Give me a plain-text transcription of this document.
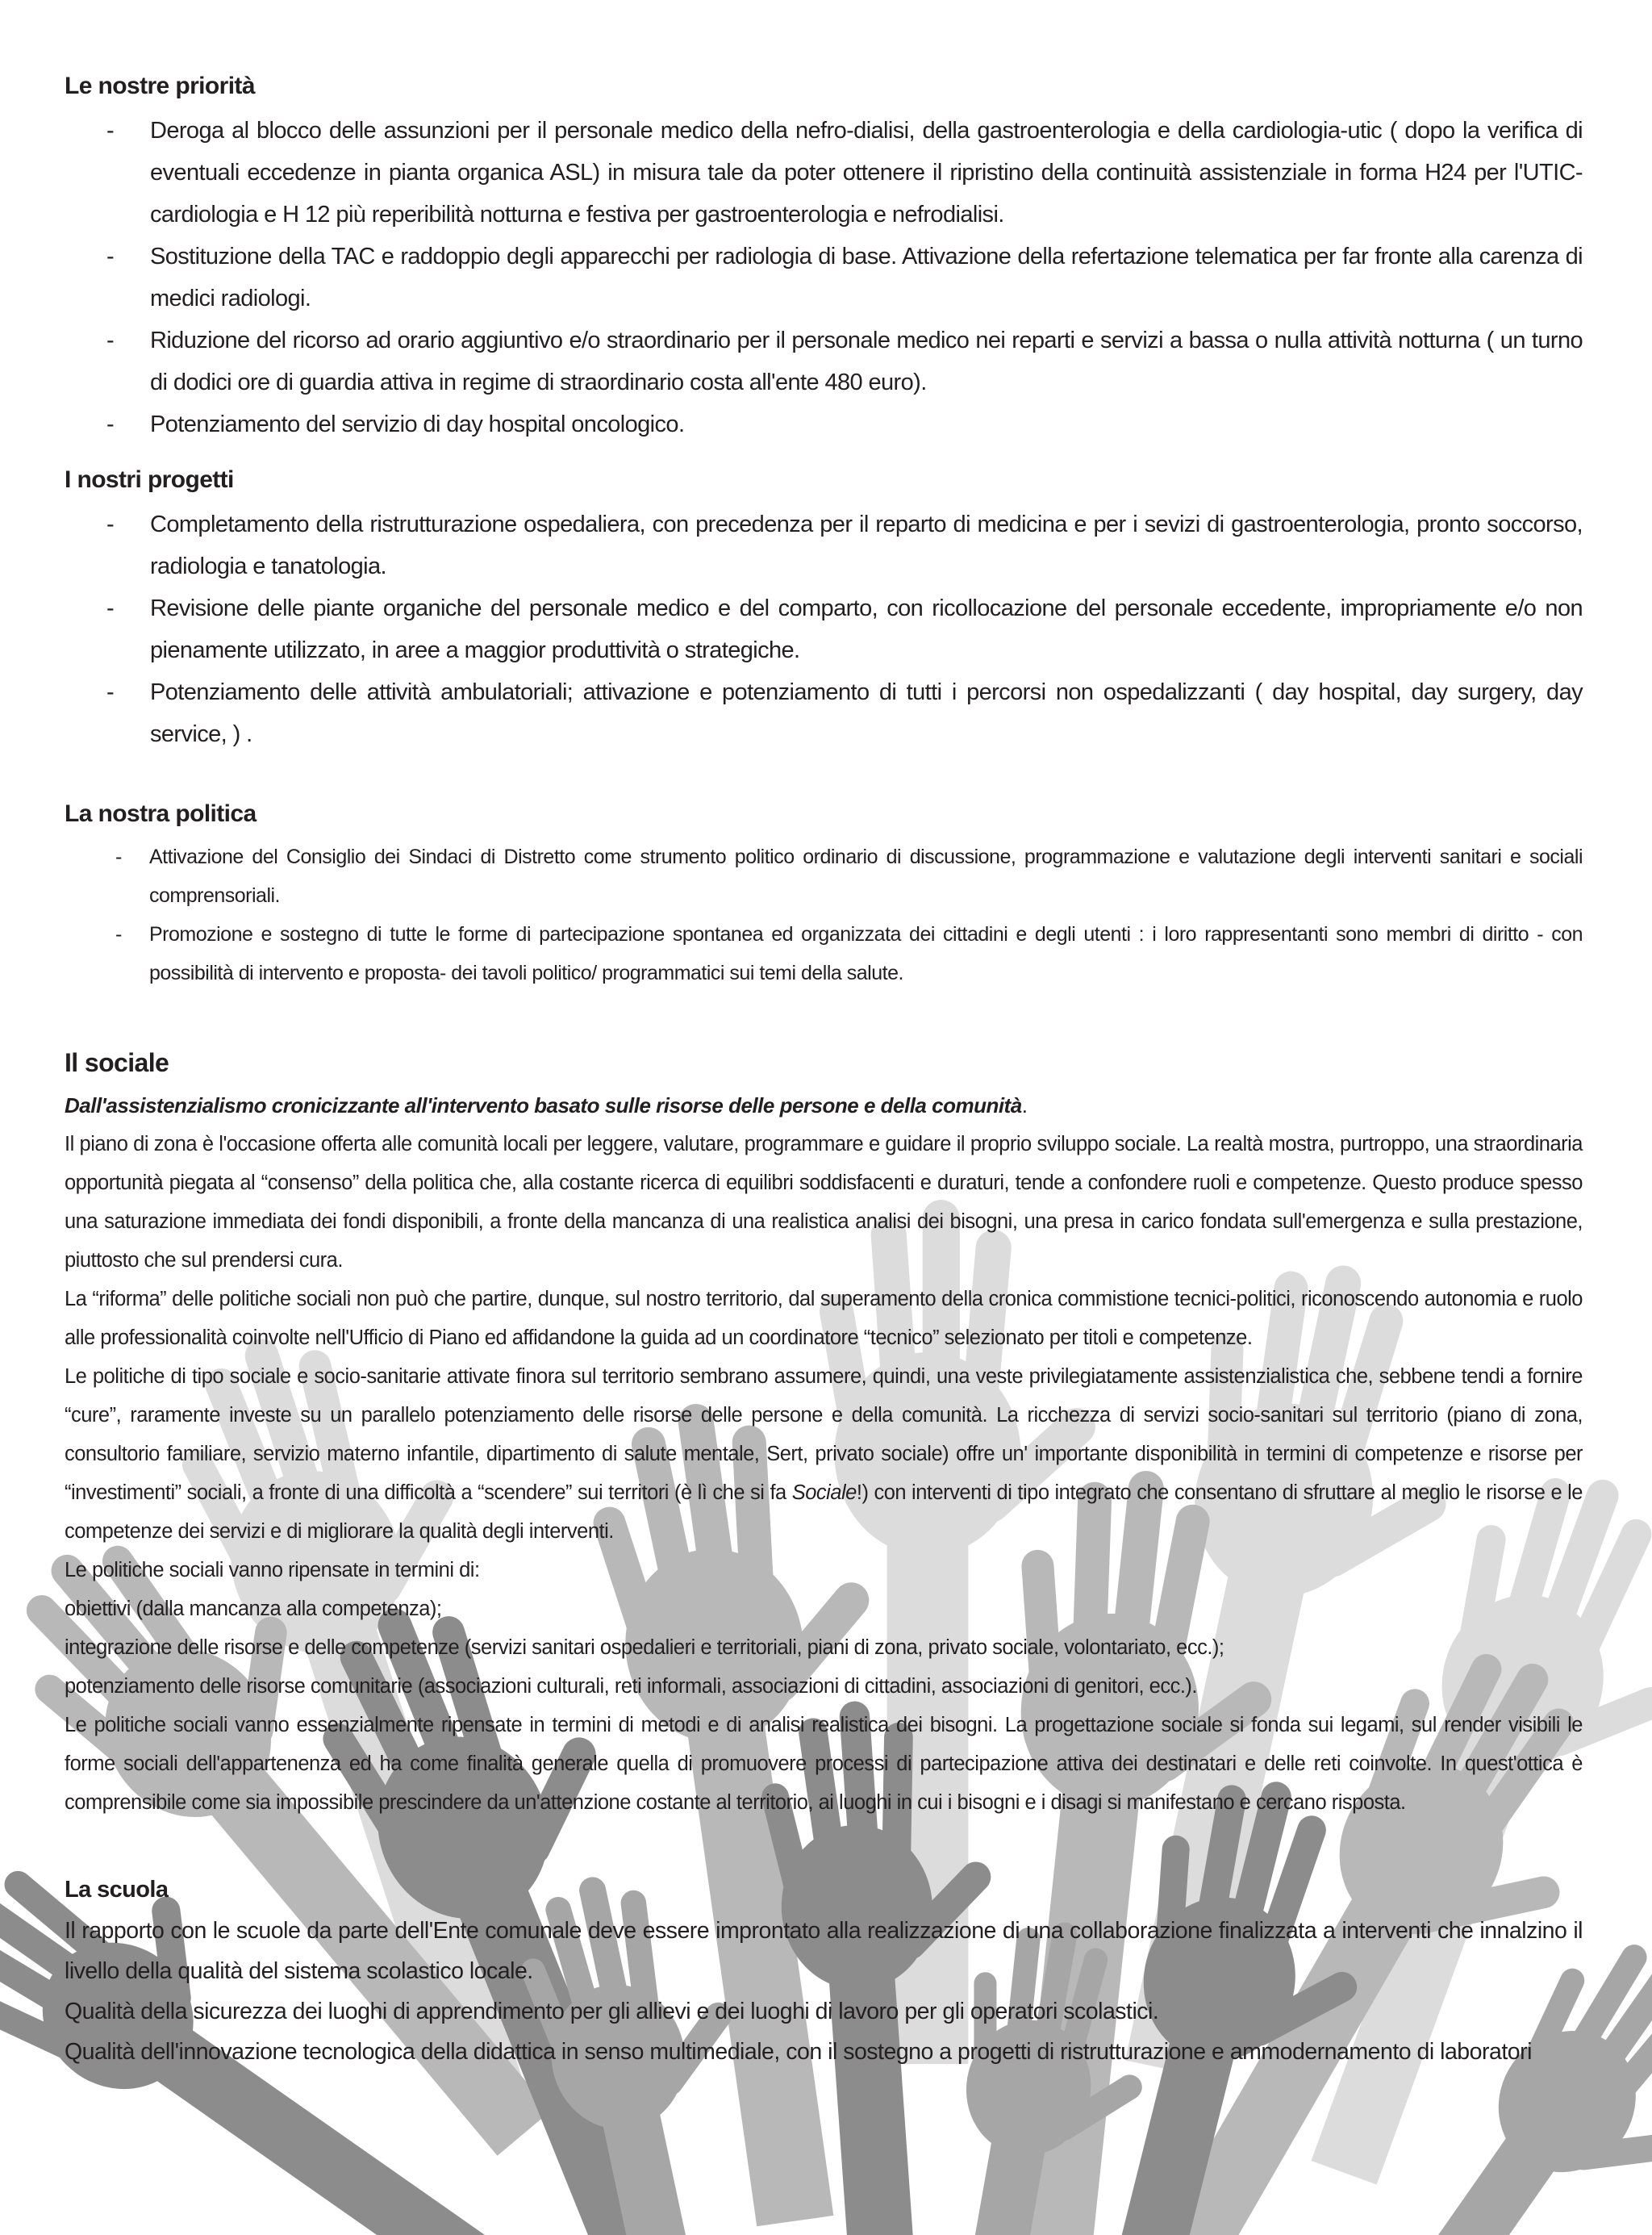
Le nostre priorità
- Deroga al blocco delle assunzioni per il personale medico della nefro-dialisi, della gastroenterologia e della cardiologia-utic ( dopo la verifica di eventuali eccedenze in pianta organica ASL) in misura tale da poter ottenere il ripristino della continuità assistenziale in forma H24 per l'UTIC-cardiologia e H 12 più reperibilità notturna e festiva per gastroenterologia e nefrodialisi.
- Sostituzione della TAC e raddoppio degli apparecchi per radiologia di base. Attivazione della refertazione telematica per far fronte alla carenza di medici radiologi.
- Riduzione del ricorso ad orario aggiuntivo e/o straordinario per il personale medico nei reparti e servizi a bassa o nulla attività notturna ( un turno di dodici ore di guardia attiva in regime di straordinario costa all'ente 480 euro).
- Potenziamento del servizio di day hospital oncologico.
I nostri progetti
- Completamento della ristrutturazione ospedaliera, con precedenza per il reparto di medicina e per i sevizi di gastroenterologia, pronto soccorso, radiologia e tanatologia.
- Revisione delle piante organiche del personale medico e del comparto, con ricollocazione del personale eccedente, impropriamente e/o non pienamente utilizzato, in aree a maggior produttività o strategiche.
- Potenziamento delle attività ambulatoriali; attivazione e potenziamento di tutti i percorsi non ospedalizzanti ( day hospital, day surgery, day service, ) .
La nostra politica
- Attivazione del Consiglio dei Sindaci di Distretto come strumento politico ordinario di discussione, programmazione e valutazione degli interventi sanitari e sociali comprensoriali.
- Promozione e sostegno di tutte le forme di partecipazione spontanea ed organizzata dei cittadini e degli utenti : i loro rappresentanti sono membri di diritto - con possibilità di intervento e proposta- dei tavoli politico/ programmatici sui temi della salute.
Il sociale
Dall'assistenzialismo cronicizzante all'intervento basato sulle risorse delle persone e della comunità.

Il piano di zona è l'occasione offerta alle comunità locali per leggere, valutare, programmare e guidare il proprio sviluppo sociale. La realtà mostra, purtroppo, una straordinaria opportunità piegata al “consenso” della politica che, alla costante ricerca di equilibri soddisfacenti e duraturi, tende a confondere ruoli e competenze. Questo produce spesso una saturazione immediata dei fondi disponibili, a fronte della mancanza di una realistica analisi dei bisogni, una presa in carico fondata sull'emergenza e sulla prestazione, piuttosto che sul prendersi cura.

La “riforma” delle politiche sociali non può che partire, dunque, sul nostro territorio, dal superamento della cronica commistione tecnici-politici, riconoscendo autonomia e ruolo alle professionalità coinvolte nell'Ufficio di Piano ed affidandone la guida ad un coordinatore “tecnico” selezionato per titoli e competenze.

Le politiche di tipo sociale e socio-sanitarie attivate finora sul territorio sembrano assumere, quindi, una veste privilegiatamente assistenzialistica che, sebbene tendi a fornire “cure”, raramente investe su un parallelo potenziamento delle risorse delle persone e della comunità. La ricchezza di servizi socio-sanitari sul territorio (piano di zona, consultorio familiare, servizio materno infantile, dipartimento di salute mentale, Sert, privato sociale) offre un' importante disponibilità in termini di competenze e risorse per “investimenti” sociali, a fronte di una difficoltà a “scendere” sui territori (è lì che si fa Sociale!) con interventi di tipo integrato che consentano di sfruttare al meglio le risorse e le competenze dei servizi e di migliorare la qualità degli interventi.

Le politiche sociali vanno ripensate in termini di:

obiettivi (dalla mancanza alla competenza);

integrazione delle risorse e delle competenze (servizi sanitari ospedalieri e territoriali, piani di zona, privato sociale, volontariato, ecc.);

potenziamento delle risorse comunitarie (associazioni culturali, reti informali, associazioni di cittadini, associazioni di genitori, ecc.).

Le politiche sociali vanno essenzialmente ripensate in termini di metodi e di analisi realistica dei bisogni. La progettazione sociale si fonda sui legami, sul render visibili le forme sociali dell'appartenenza ed ha come finalità generale quella di promuovere processi di partecipazione attiva dei destinatari e delle reti coinvolte. In quest'ottica è comprensibile come sia impossibile prescindere da un'attenzione costante al territorio, ai luoghi in cui i bisogni e i disagi si manifestano e cercano risposta.

La scuola

Il rapporto con le scuole da parte dell'Ente comunale deve essere improntato alla realizzazione di una collaborazione finalizzata a interventi che innalzino il livello della qualità del sistema scolastico locale.

Qualità della sicurezza dei luoghi di apprendimento per gli allievi e dei luoghi di lavoro per gli operatori scolastici.

Qualità dell'innovazione tecnologica della didattica in senso multimediale, con il sostegno a progetti di ristrutturazione e ammodernamento di laboratori
